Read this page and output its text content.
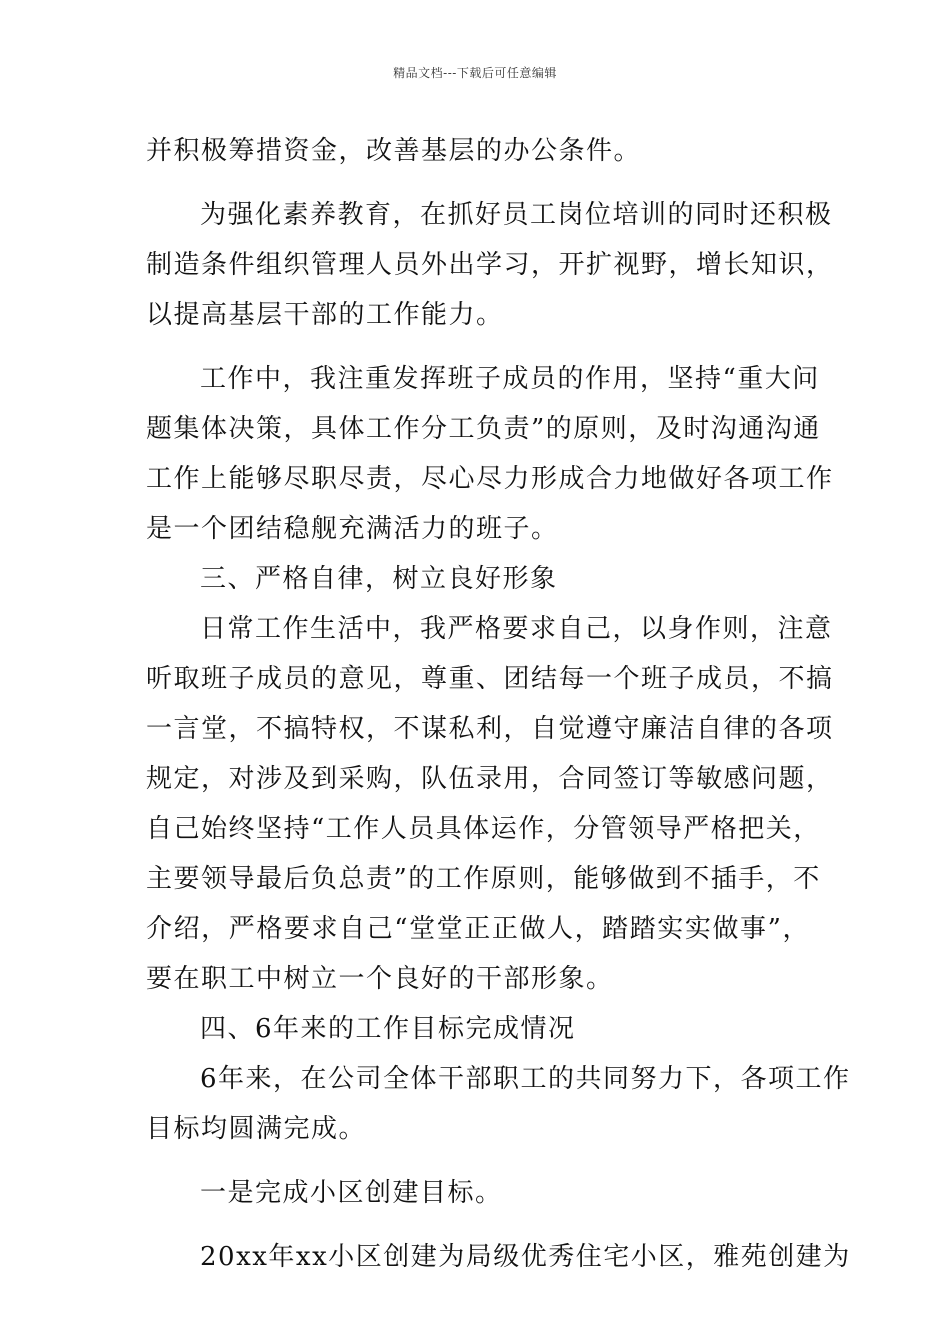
精品文档---下载后可任意编辑
并积极筹措资金，改善基层的办公条件。
为强化素养教育，在抓好员工岗位培训的同时还积极
制造条件组织管理人员外出学习，开扩视野，增长知识，
以提高基层干部的工作能力。
工作中，我注重发挥班子成员的作用，坚持“重大问
题集体决策，具体工作分工负责”的原则，及时沟通沟通
工作上能够尽职尽责，尽心尽力形成合力地做好各项工作
是一个团结稳舰充满活力的班子。
三、严格自律，树立良好形象
日常工作生活中，我严格要求自己，以身作则，注意
听取班子成员的意见，尊重、团结每一个班子成员，不搞
一言堂，不搞特权，不谋私利，自觉遵守廉洁自律的各项
规定，对涉及到采购，队伍录用，合同签订等敏感问题，
自己始终坚持“工作人员具体运作，分管领导严格把关，
主要领导最后负总责”的工作原则，能够做到不插手，不
介绍，严格要求自己“堂堂正正做人，踏踏实实做事”，
要在职工中树立一个良好的干部形象。
四、6年来的工作目标完成情况
6年来，在公司全体干部职工的共同努力下，各项工作
目标均圆满完成。
一是完成小区创建目标。
20xx年xx小区创建为局级优秀住宅小区，雅苑创建为
